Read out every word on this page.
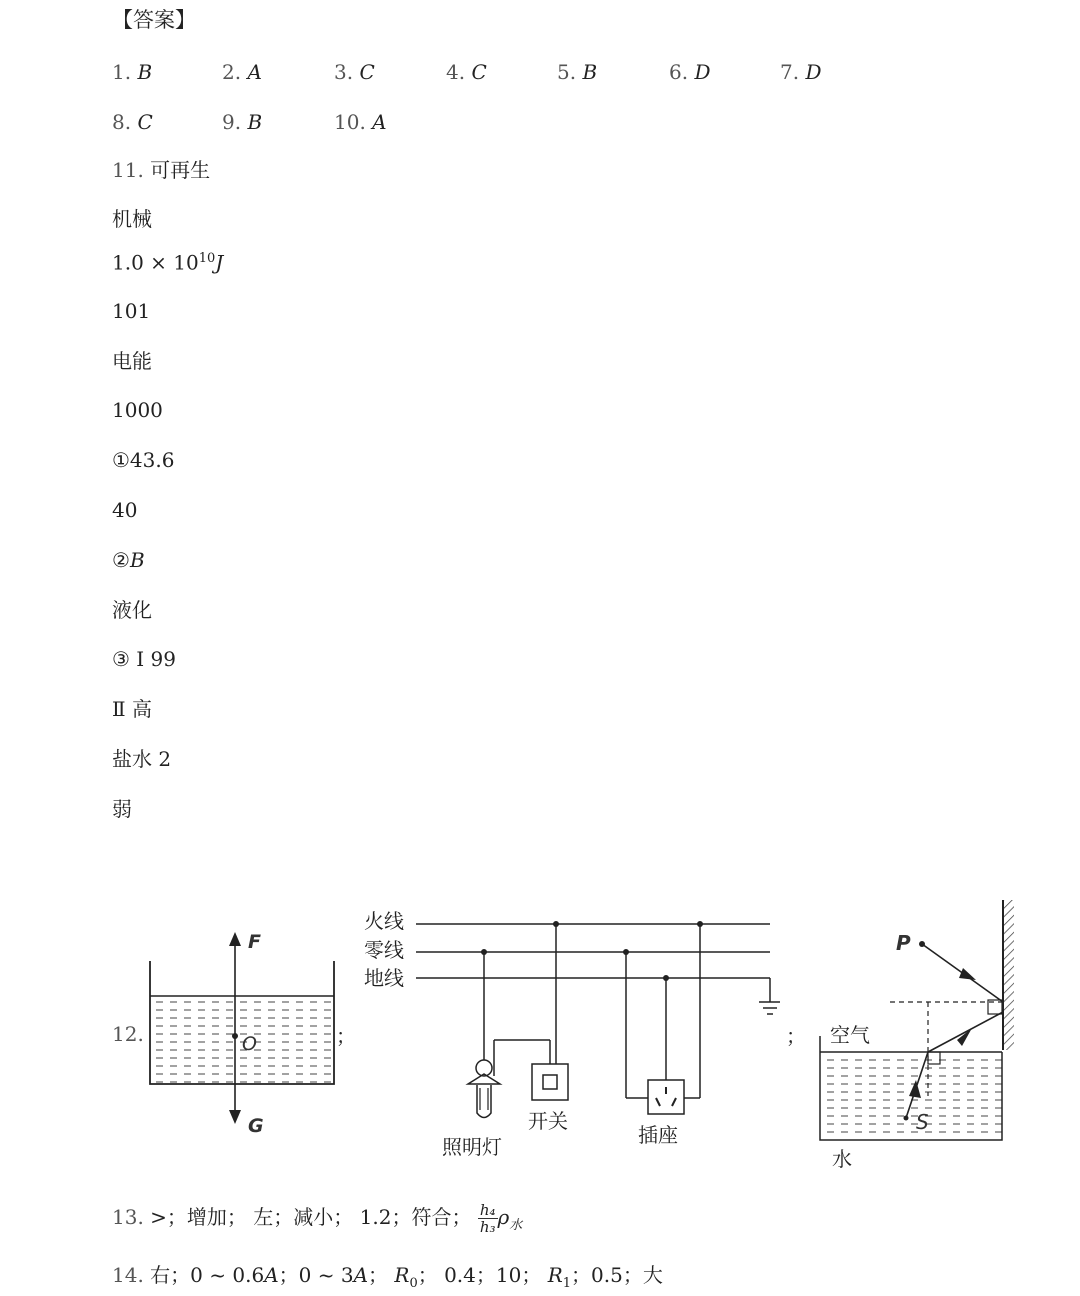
【答案】
1. B	2. A	3. C	4. C	5. B	6. D	7. D
8. C	9. B	10. A
11. 可再生
机械
$1.0 \times 10^{10}J$
101
电能
1000
①43.6
40
②B
液化
③ Ⅰ 99
Ⅱ 高
盐水 2
弱
12.	；	；
F
G
O
火线
零线
地线
照明灯
开关
插座
P
S
空气
水
13. >；增加； 左；减小； 1.2；符合； $\frac{\text{h₄}}{\text{h₃}} \rho_水$
14. 右；0 ~ 0.6A；0 ~ 3A； $R_0$； 0.4；10； $R_1$；0.5；大
